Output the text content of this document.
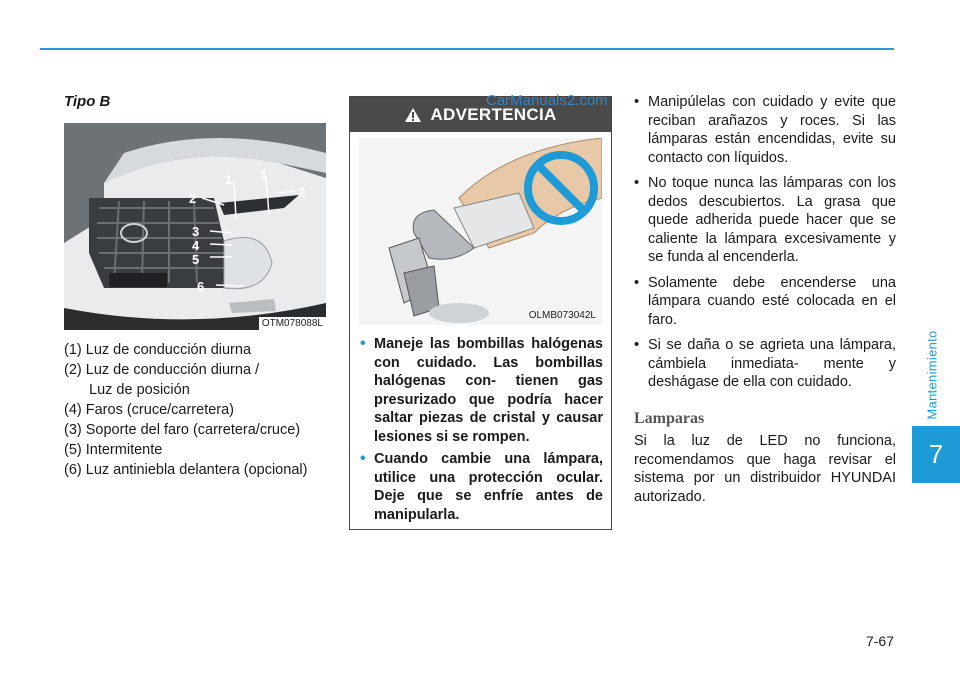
Mantenimiento
7
7-67
Tipo B
1 1
2	2
3
4
5
6
OTM078088L
(1) Luz de conducción diurna
(2) Luz de conducción diurna /
Luz de posición
(4) Faros (cruce/carretera)
(3) Soporte del faro (carretera/cruce)
(5) Intermitente
(6) Luz antiniebla delantera (opcional)
ADVERTENCIA
OLMB073042L
• Maneje las bombillas halógenas con cuidado. Las bombillas halógenas con- tienen gas presurizado que podría hacer saltar piezas de cristal y causar lesiones si se rompen.
• Cuando cambie una lámpara, utilice una protección ocular. Deje que se enfríe antes de manipularla.
CarManuals2.com
•	Manipúlelas con cuidado y evite que reciban arañazos y roces. Si las lámparas están encendidas, evite su contacto con líquidos.
• No toque nunca las lámparas con los dedos descubiertos. La grasa que quede adherida puede hacer que se caliente la lámpara excesivamente y se funda al encenderla.
• Solamente debe encenderse una lámpara cuando esté colocada en el faro.
• Si se daña o se agrieta una lámpara, cámbiela inmediata- mente y deshágase de ella con cuidado.
Lamparas
Si la luz de LED no funciona, recomendamos que haga revisar el sistema por un distribuidor HYUNDAI autorizado.
